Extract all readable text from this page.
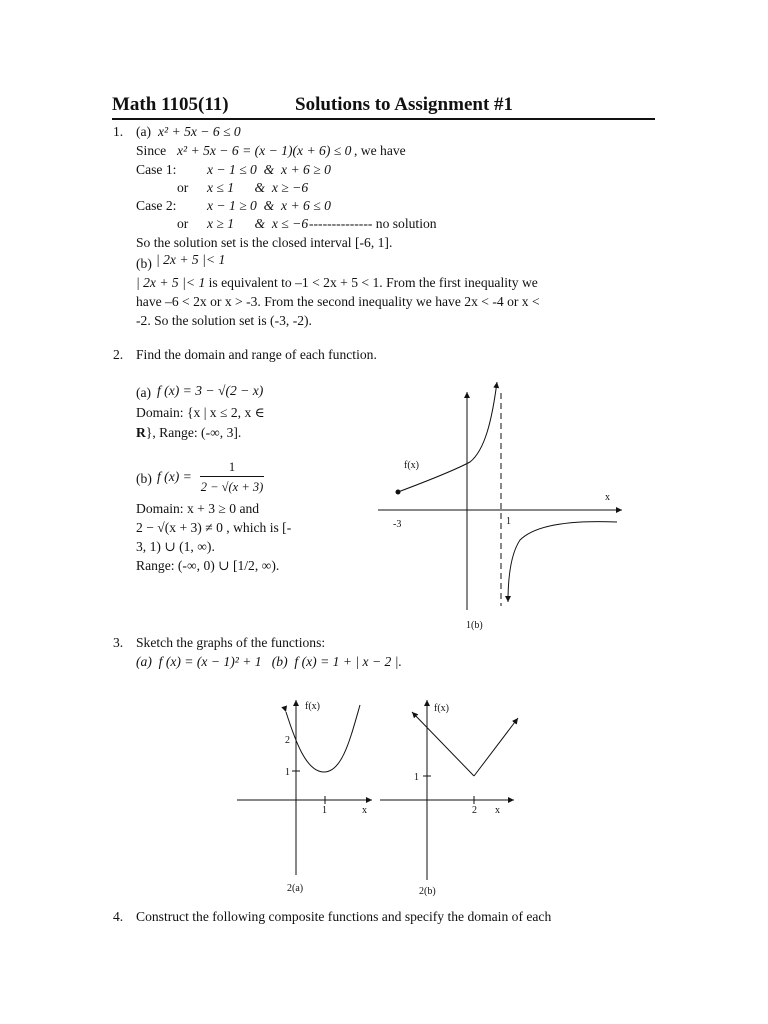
Math 1105(11)	Solutions to Assignment #1
1. (a) x² + 5x − 6 ≤ 0
Since x² + 5x − 6 = (x − 1)(x + 6) ≤ 0 , we have
Case 1: x − 1 ≤ 0  &  x + 6 ≥ 0
or x ≤ 1      &  x ≥ −6
Case 2: x − 1 ≥ 0  &  x + 6 ≤ 0
or x ≥ 1      &  x ≤ −6 -------------- no solution
So the solution set is the closed interval [-6, 1].
(b) | 2x + 5 |< 1
| 2x + 5 |< 1 is equivalent to –1 < 2x + 5 < 1. From the first inequality we
have –6 < 2x or x > -3. From the second inequality we have 2x < -4 or x <
-2. So the solution set is (-3, -2).
2. Find the domain and range of each function.
(a) f (x) = 3 − √(2 − x)
Domain: {x | x ≤ 2, x ∈
R}, Range: (-∞, 3].
(b) f (x) =
1
2 − √(x + 3)
Domain: x + 3 ≥ 0 and
2 − √(x + 3) ≠ 0 , which is [-
3, 1) ∪ (1, ∞).
Range: (-∞, 0) ∪ [1/2, ∞).
f(x)
x
-3	1
1(b)
3. Sketch the graphs of the functions:
(a)  f (x) = (x − 1)² + 1   (b)  f (x) = 1 + | x − 2 |.
f(x)
2
1
1	x
2(a)
f(x)
1
2 x
2(b)
4. Construct the following composite functions and specify the domain of each
